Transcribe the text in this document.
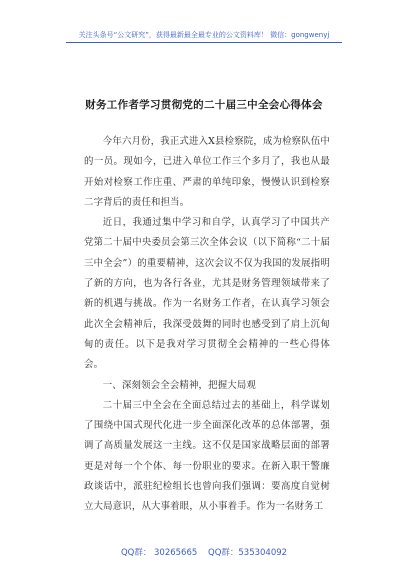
关注头条号“公文研究”，获得最新最全最专业的公文资料库！ 微信：gongwenyj
财务工作者学习贯彻党的二十届三中全会心得体会

今年六月份，我正式进入X县检察院，成为检察队伍中的一员。现如今，已进入单位工作三个多月了，我也从最开始对检察工作庄重、严肃的单纯印象，慢慢认识到检察二字背后的责任和担当。

近日，我通过集中学习和自学，认真学习了中国共产党第二十届中央委员会第三次全体会议（以下简称“二十届三中全会”）的重要精神，这次会议不仅为我国的发展指明了新的方向，也为各行各业，尤其是财务管理领域带来了新的机遇与挑战。作为一名财务工作者，在认真学习领会此次全会精神后，我深受鼓舞的同时也感受到了肩上沉甸甸的责任。以下是我对学习贯彻全会精神的一些心得体会。

一、深刻领会全会精神，把握大局观

二十届三中全会在全面总结过去的基础上，科学谋划了围绕中国式现代化进一步全面深化改革的总体部署，强调了高质量发展这一主线。这不仅是国家战略层面的部署更是对每一个个体、每一份职业的要求。在新入职干警廉政谈话中，派驻纪检组长也曾向我们强调：要高度自觉树立大局意识，从大事着眼，从小事着手。作为一名财务工

QQ群： 30265665 QQ群：535304092
